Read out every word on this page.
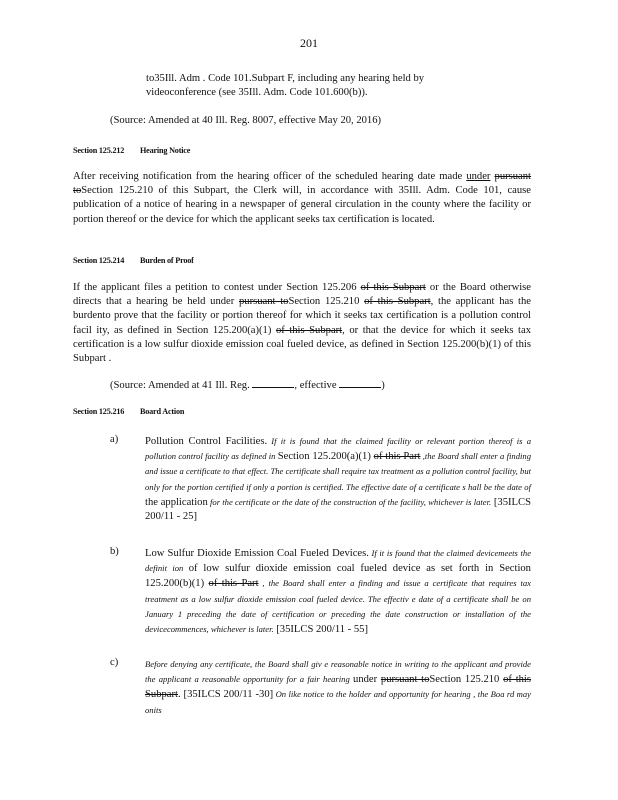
201
to35Ill. Adm . Code 101.Subpart F, including any hearing held by
videoconference (see 35Ill. Adm. Code 101.600(b)).
(Source: Amended at 40 Ill. Reg. 8007, effective May 20, 2016)
Section 125.212 Hearing Notice
After receiving notification from the hearing officer of the scheduled hearing date made under pursuant toSection 125.210 of this Subpart, the Clerk will, in accordance with 35Ill. Adm. Code 101, cause publication of a notice of hearing in a newspaper of general circulation in the county where the facility or portion thereof or the device for which the applicant seeks tax certification is located.
Section 125.214 Burden of Proof
If the applicant files a petition to contest under Section 125.206 of this Subpart or the Board otherwise directs that a hearing be held under pursuant toSection 125.210 of this Subpart, the applicant has the burdento prove that the facility or portion thereof for which it seeks tax certification is a pollution control facil ity, as defined in Section 125.200(a)(1) of this Subpart, or that the device for which it seeks tax certification is a low sulfur dioxide emission coal fueled device, as defined in Section 125.200(b)(1) of this Subpart .
(Source: Amended at 41 Ill. Reg.	, effective	)
Section 125.216 Board Action
a)	Pollution Control Facilities. If it is found that the claimed facility or relevant portion thereof is a pollution control facility as defined in Section 125.200(a)(1) of this Part ,the Board shall enter a finding and issue a certificate to that effect. The certificate shall require tax treatment as a pollution control facility, but only for the portion certified if only a portion is certified. The effective date of a certificate s hall be the date of the application for the certificate or the date of the construction of the facility, whichever is later. [35ILCS 200/11 - 25]
b) Low Sulfur Dioxide Emission Coal Fueled Devices. If it is found that the claimed devicemeets the definit ion of low sulfur dioxide emission coal fueled device as set forth in Section 125.200(b)(1) of this Part , the Board shall enter a finding and issue a certificate that requires tax treatment as a low sulfur dioxide emission coal fueled device. The effectiv e date of a certificate shall be on January 1 preceding the date of certification or preceding the date construction or installation of the devicecommences, whichever is later. [35ILCS 200/11 - 55]
c)	Before denying any certificate, the Board shall giv e reasonable notice in writing to the applicant and provide the applicant a reasonable opportunity for a fair hearing under pursuant toSection 125.210 of this Subpart. [35ILCS 200/11 -30] On like notice to the holder and opportunity for hearing , the Boa rd may onits
